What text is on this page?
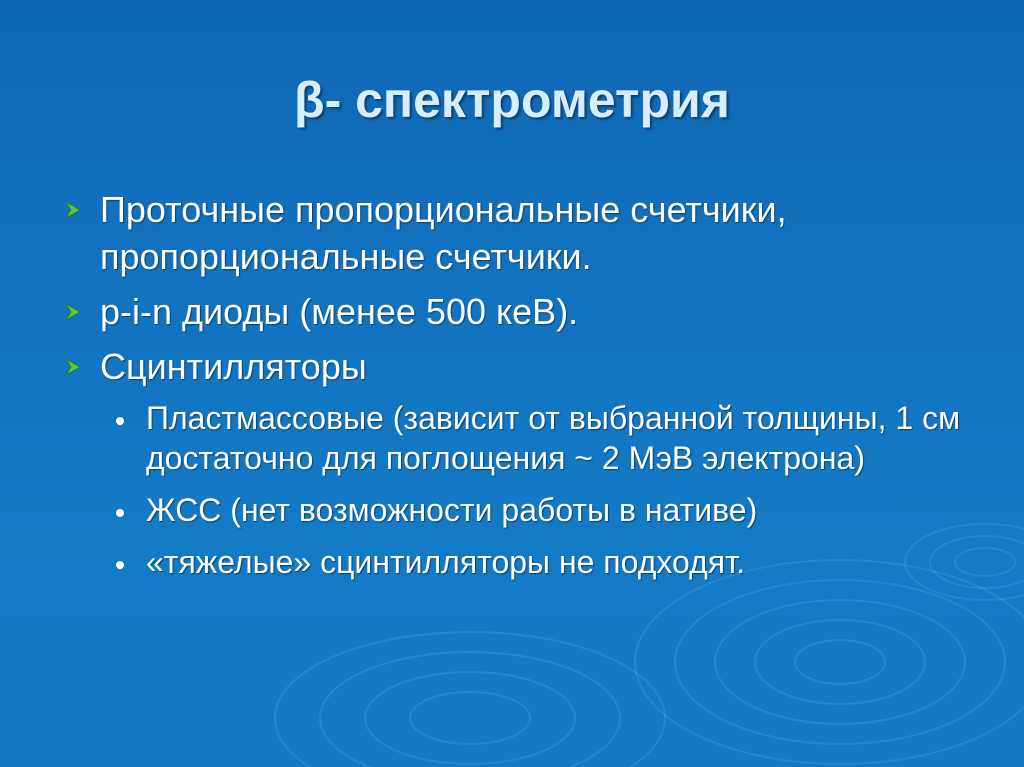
β- спектрометрия
Проточные пропорциональные счетчики, пропорциональные счетчики.
p-i-n диоды (менее 500 кеВ).
Сцинтилляторы
Пластмассовые (зависит от выбранной толщины, 1 см достаточно для поглощения ~ 2 МэВ электрона)
ЖСС (нет возможности работы в нативе)
«тяжелые» сцинтилляторы не подходят.
